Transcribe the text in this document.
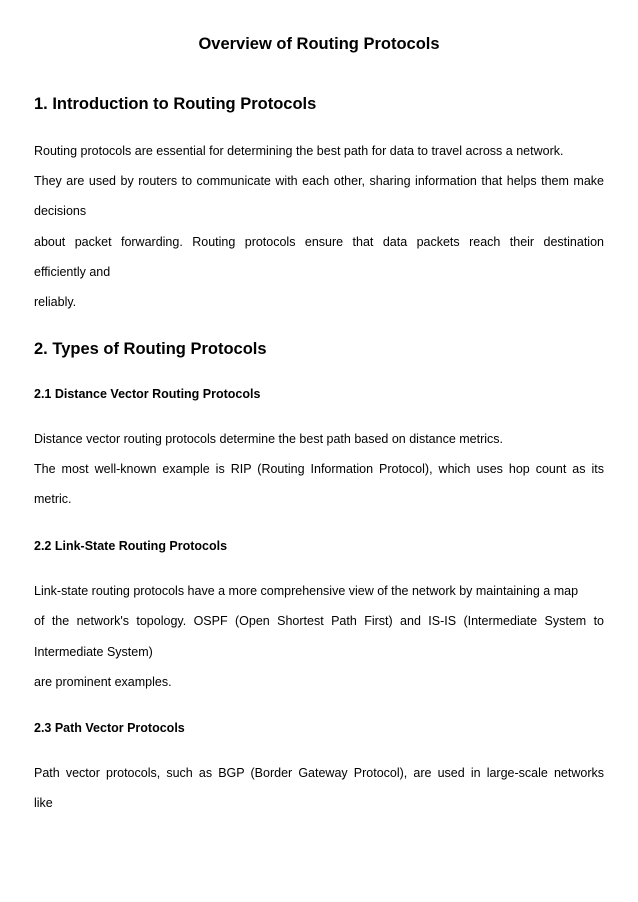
Overview of Routing Protocols
1. Introduction to Routing Protocols

Routing protocols are essential for determining the best path for data to travel across a network.

They are used by routers to communicate with each other, sharing information that helps them make

decisions

about packet forwarding. Routing protocols ensure that data packets reach their destination

efficiently and

reliably.

2. Types of Routing Protocols
2.1 Distance Vector Routing Protocols

Distance vector routing protocols determine the best path based on distance metrics.

The most well-known example is RIP (Routing Information Protocol), which uses hop count as its

metric.

2.2 Link-State Routing Protocols

Link-state routing protocols have a more comprehensive view of the network by maintaining a map

of the network's topology. OSPF (Open Shortest Path First) and IS-IS (Intermediate System to

Intermediate System)

are prominent examples.

2.3 Path Vector Protocols

Path vector protocols, such as BGP (Border Gateway Protocol), are used in large-scale networks

like
